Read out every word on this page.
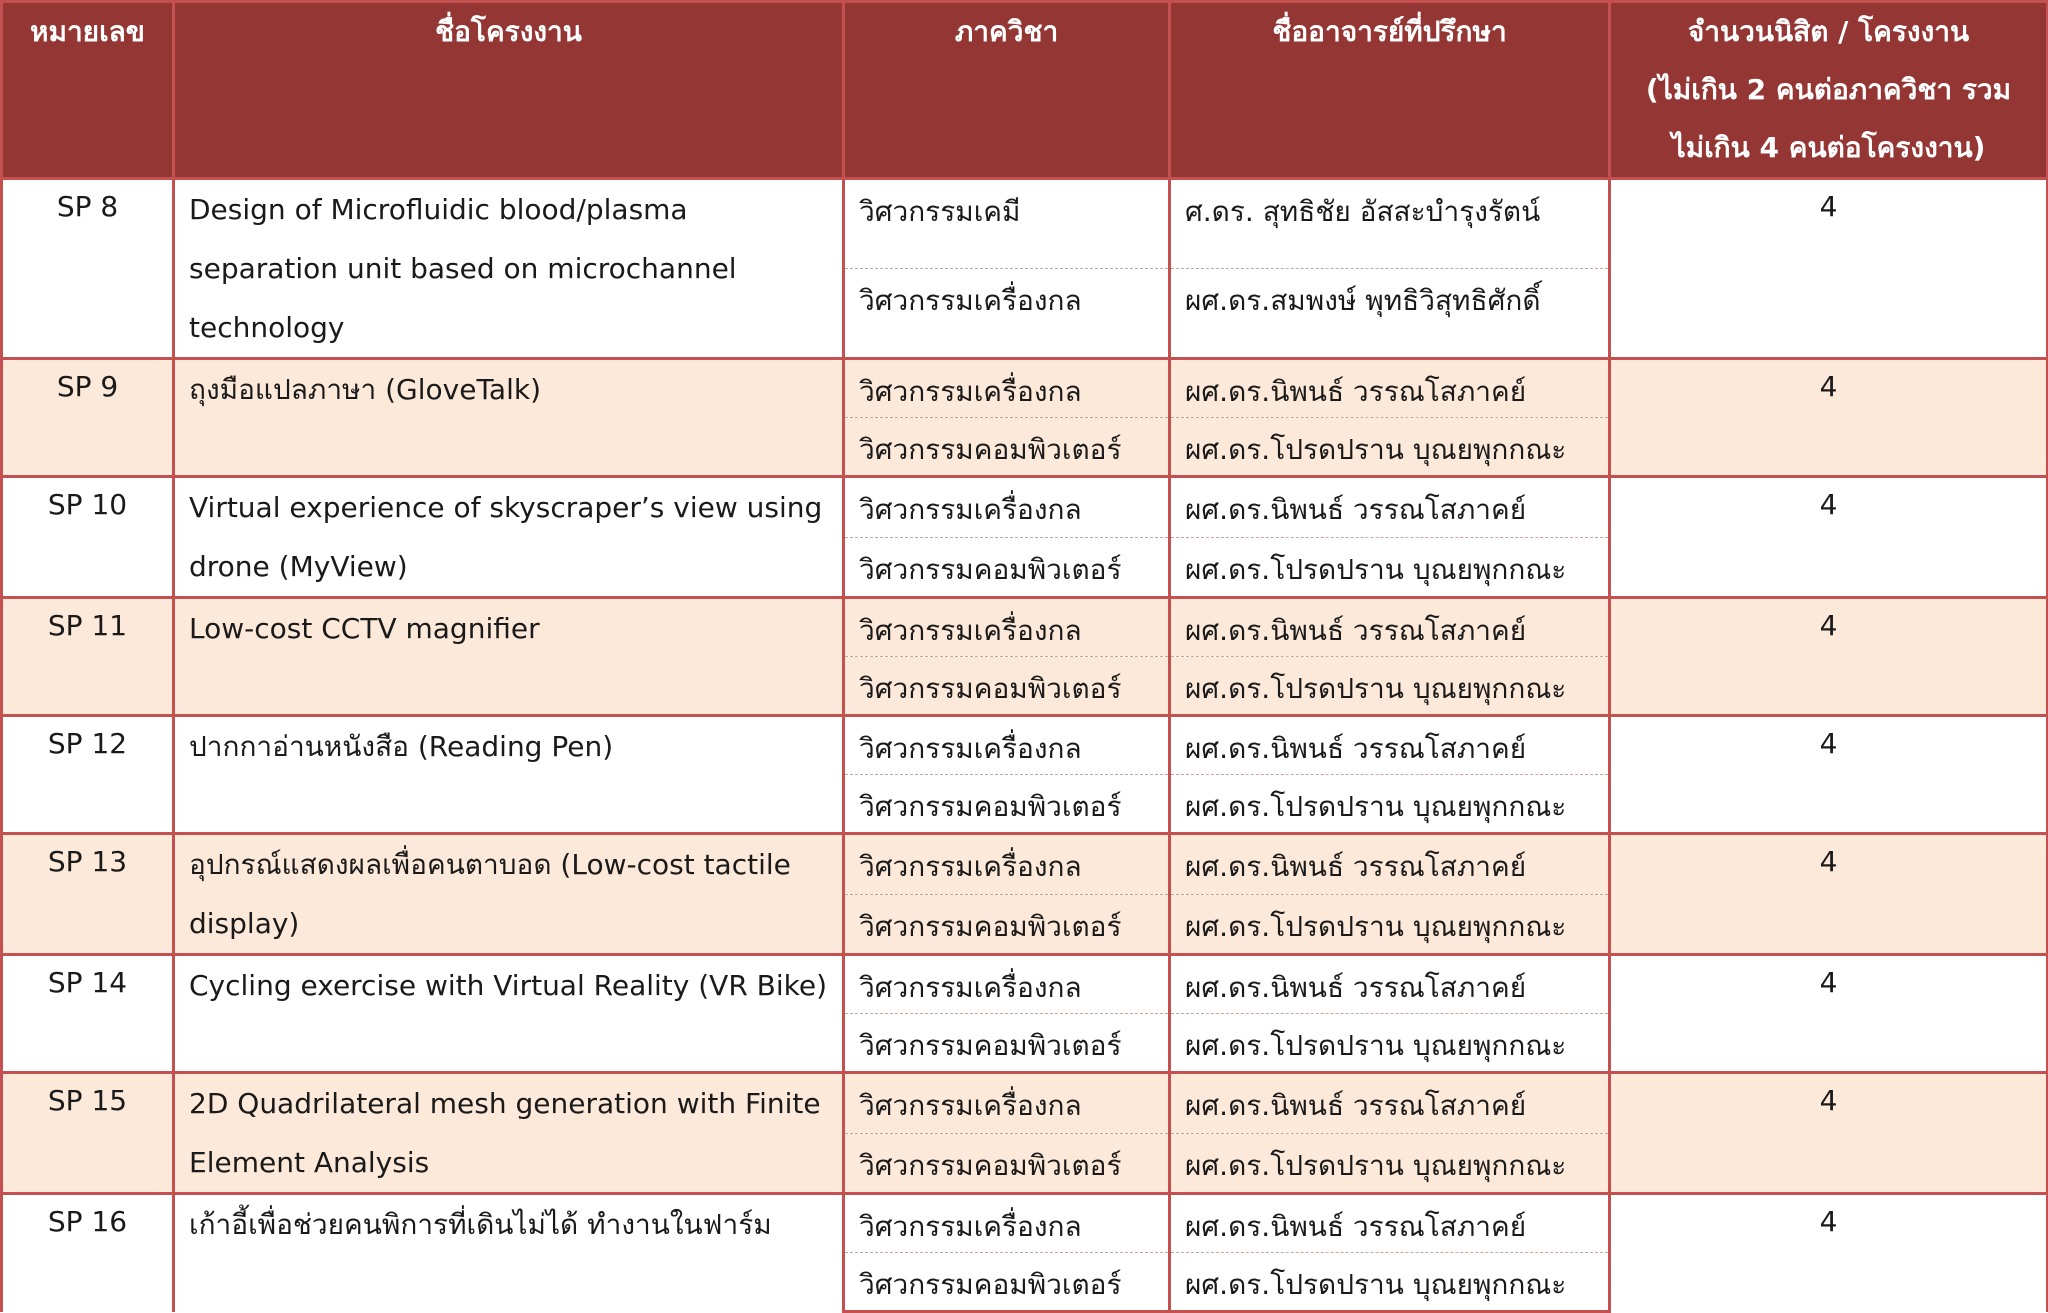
หมายเลข	ชื่อโครงงาน	ภาควิชา	ชื่ออาจารย์ที่ปรึกษา	จำนวนนิสิต / โครงงาน
(ไม่เกิน 2 คนต่อภาควิชา รวม
ไม่เกิน 4 คนต่อโครงงาน)

SP 8	Design of Microfluidic blood/plasma separation unit based on microchannel technology	วิศวกรรมเคมี	ศ.ดร. สุทธิชัย อัสสะบำรุงรัตน์	4
		วิศวกรรมเครื่องกล	ผศ.ดร.สมพงษ์ พุทธิวิสุทธิศักดิ์	
SP 9	ถุงมือแปลภาษา (GloveTalk)	วิศวกรรมเครื่องกล	ผศ.ดร.นิพนธ์ วรรณโสภาคย์	4
		วิศวกรรมคอมพิวเตอร์	ผศ.ดร.โปรดปราน บุณยพุกกณะ	
SP 10	Virtual experience of skyscraper’s view using drone (MyView)	วิศวกรรมเครื่องกล	ผศ.ดร.นิพนธ์ วรรณโสภาคย์	4
		วิศวกรรมคอมพิวเตอร์	ผศ.ดร.โปรดปราน บุณยพุกกณะ	
SP 11	Low-cost CCTV magnifier	วิศวกรรมเครื่องกล	ผศ.ดร.นิพนธ์ วรรณโสภาคย์	4
		วิศวกรรมคอมพิวเตอร์	ผศ.ดร.โปรดปราน บุณยพุกกณะ	
SP 12	ปากกาอ่านหนังสือ (Reading Pen)	วิศวกรรมเครื่องกล	ผศ.ดร.นิพนธ์ วรรณโสภาคย์	4
		วิศวกรรมคอมพิวเตอร์	ผศ.ดร.โปรดปราน บุณยพุกกณะ	
SP 13	อุปกรณ์แสดงผลเพื่อคนตาบอด (Low-cost tactile display)	วิศวกรรมเครื่องกล	ผศ.ดร.นิพนธ์ วรรณโสภาคย์	4
		วิศวกรรมคอมพิวเตอร์	ผศ.ดร.โปรดปราน บุณยพุกกณะ	
SP 14	Cycling exercise with Virtual Reality (VR Bike)	วิศวกรรมเครื่องกล	ผศ.ดร.นิพนธ์ วรรณโสภาคย์	4
		วิศวกรรมคอมพิวเตอร์	ผศ.ดร.โปรดปราน บุณยพุกกณะ	
SP 15	2D Quadrilateral mesh generation with Finite Element Analysis	วิศวกรรมเครื่องกล	ผศ.ดร.นิพนธ์ วรรณโสภาคย์	4
		วิศวกรรมคอมพิวเตอร์	ผศ.ดร.โปรดปราน บุณยพุกกณะ	
SP 16	เก้าอี้เพื่อช่วยคนพิการที่เดินไม่ได้ ทำงานในฟาร์ม	วิศวกรรมเครื่องกล	ผศ.ดร.นิพนธ์ วรรณโสภาคย์	4
		วิศวกรรมคอมพิวเตอร์	ผศ.ดร.โปรดปราน บุณยพุกกณะ	
